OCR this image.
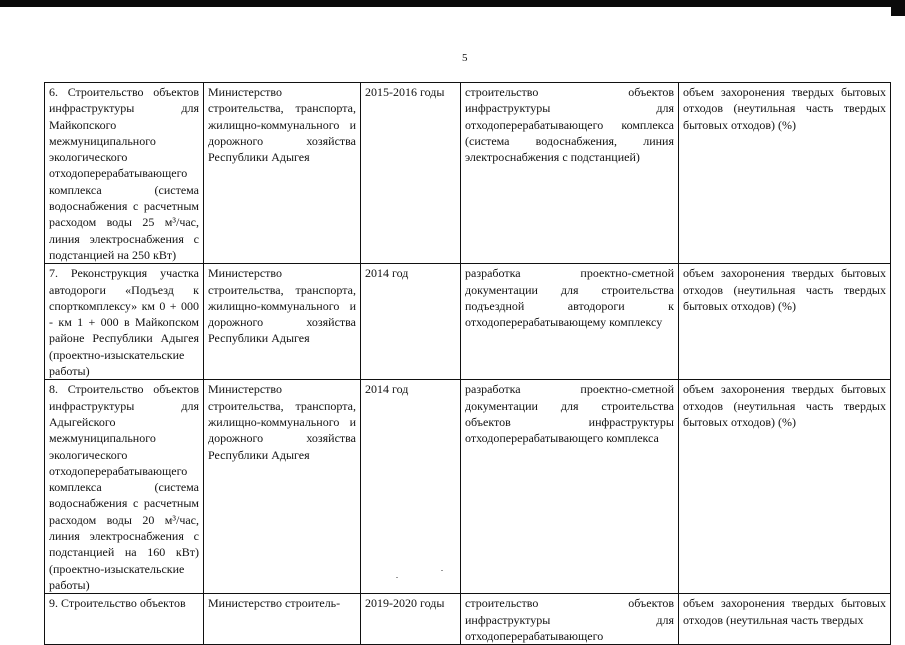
5
6. Строительство объектов инфраструктуры для Майкопского межмуниципального экологического отходоперерабатывающего комплекса (система водоснабжения с расчетным расходом воды 25 м³/час, линия электроснабжения с подстанцией на 250 кВт)	Министерство строительства, транспорта, жилищно-коммунального и дорожного хозяйства Республики Адыгея	2015-2016 годы	строительство объектов инфраструктуры для отходоперерабатывающего комплекса (система водоснабжения, линия электроснабжения с подстанцией)	объем захоронения твердых бытовых отходов (неутильная часть твердых бытовых отходов) (%)
7. Реконструкция участка автодороги «Подъезд к спорткомплексу» км 0 + 000 - км 1 + 000 в Майкопском районе Республики Адыгея (проектно-изыскательские работы)	Министерство строительства, транспорта, жилищно-коммунального и дорожного хозяйства Республики Адыгея	2014 год	разработка проектно-сметной документации для строительства подъездной автодороги к отходоперерабатывающему комплексу	объем захоронения твердых бытовых отходов (неутильная часть твердых бытовых отходов) (%)
8. Строительство объектов инфраструктуры для Адыгейского межмуниципального экологического отходоперерабатывающего комплекса (система водоснабжения с расчетным расходом воды 20 м³/час, линия электроснабжения с подстанцией на 160 кВт) (проектно-изыскательские работы)	Министерство строительства, транспорта, жилищно-коммунального и дорожного хозяйства Республики Адыгея	2014 год	разработка проектно-сметной документации для строительства объектов инфраструктуры отходоперерабатывающего комплекса	объем захоронения твердых бытовых отходов (неутильная часть твердых бытовых отходов) (%)
9. Строительство объектов	Министерство строитель-	2019-2020 годы	строительство объектов инфраструктуры для отходоперерабатывающего	объем захоронения твердых бытовых отходов (неутильная часть твердых
